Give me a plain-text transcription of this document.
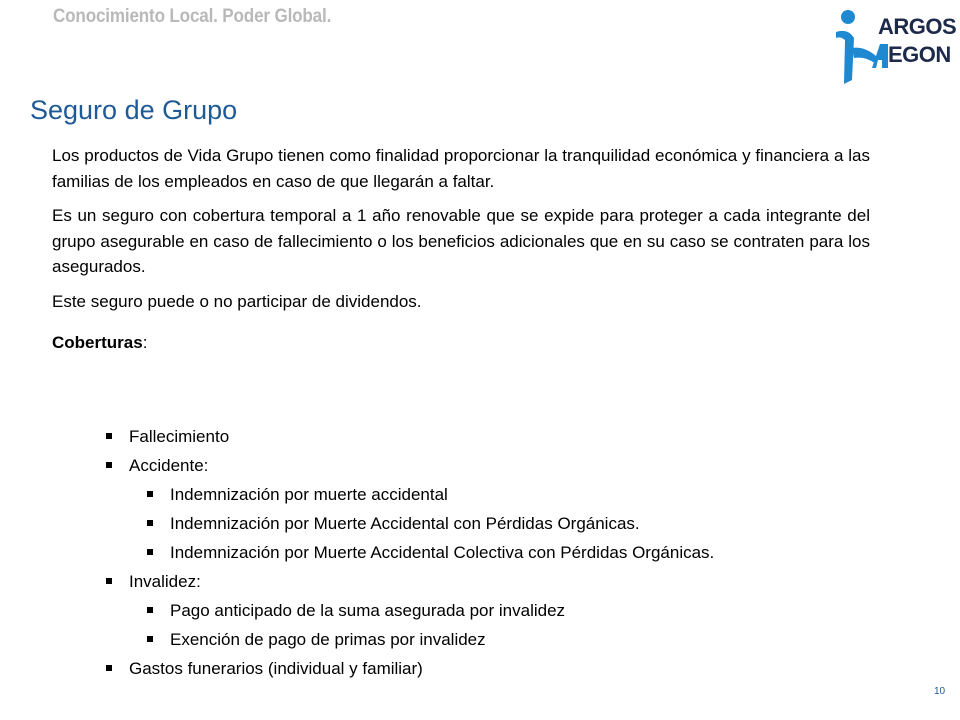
Conocimiento Local. Poder Global.	ARGOS
EGON
Seguro de Grupo

Los productos de Vida Grupo tienen como finalidad proporcionar la tranquilidad económica y financiera a las familias de los empleados en caso de que llegarán a faltar.

Es un seguro con cobertura temporal a 1 año renovable que se expide para proteger a cada integrante del grupo asegurable en caso de fallecimiento o los beneficios adicionales que en su caso se contraten para los asegurados.

Este seguro puede o no participar de dividendos.

Coberturas:
Fallecimiento
Accidente:
Indemnización por muerte accidental
Indemnización por Muerte Accidental con Pérdidas Orgánicas.
Indemnización por Muerte Accidental Colectiva con Pérdidas Orgánicas.
Invalidez:
Pago anticipado de la suma asegurada por invalidez
Exención de pago de primas por invalidez
Gastos funerarios (individual y familiar)
10
